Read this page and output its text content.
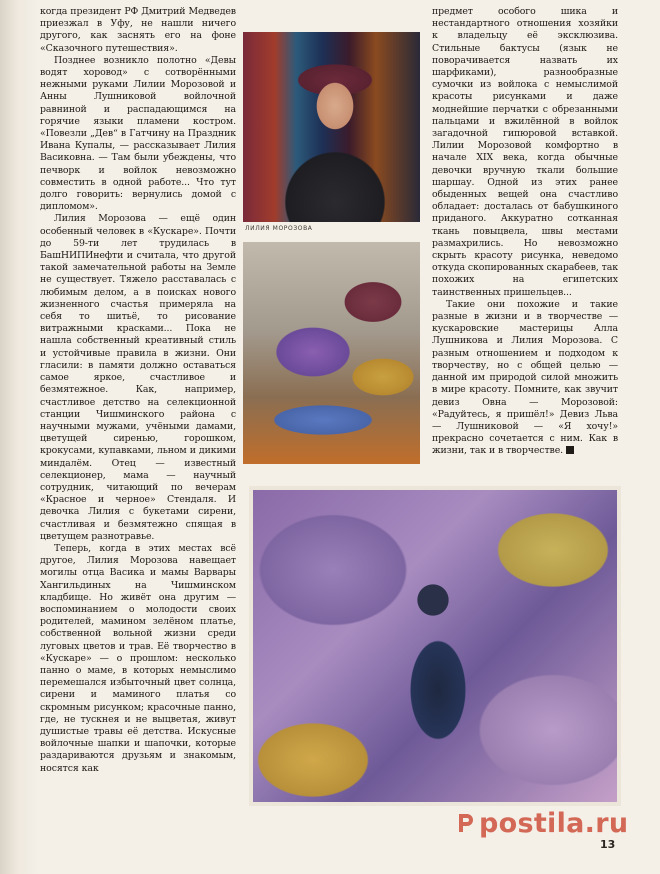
когда президент РФ Дмитрий Медведев приезжал в Уфу, не нашли ничего другого, как заснять его на фоне «Сказочного путешествия».

Позднее возникло полотно «Девы водят хоровод» с сотворёнными нежными руками Лилии Морозовой и Анны Лушниковой войлочной равниной и распадающимся на горячие языки пламени костром. «Повезли „Дев“ в Гатчину на Праздник Ивана Купалы, — рассказывает Лилия Васиковна. — Там были убеждены, что печворк и войлок невозможно совместить в одной работе... Что тут долго говорить: вернулись домой с дипломом».

Лилия Морозова — ещё один особенный человек в «Кускаре». Почти до 59-ти лет трудилась в БашНИПИнефти и считала, что другой такой замечательной работы на Земле не существует. Тяжело расставалась с любимым делом, а в поисках нового жизненного счастья примеряла на себя то шитьё, то рисование витражными красками... Пока не нашла собственный креативный стиль и устойчивые правила в жизни. Они гласили: в памяти должно оставаться самое яркое, счастливое и безмятежное. Как, например, счастливое детство на селекционной станции Чишминского района с научными мужами, учёными дамами, цветущей сиренью, горошком, крокусами, купавками, льном и дикими миндалём. Отец — известный селекционер, мама — научный сотрудник, читающий по вечерам «Красное и черное» Стендаля. И девочка Лилия с букетами сирени, счастливая и безмятежно спящая в цветущем разнотравье.

Теперь, когда в этих местах всё другое, Лилия Морозова навещает могилы отца Васика и мамы Варвары Хангильдиных на Чишминском кладбище. Но живёт она другим — воспоминанием о молодости своих родителей, мамином зелёном платье, собственной вольной жизни среди луговых цветов и трав. Её творчество в «Кускаре» — о прошлом: несколько панно о маме, в которых немыслимо перемешался избыточный цвет солнца, сирени и маминого платья со скромным рисунком; красочные панно, где, не тускнея и не выцветая, живут душистые травы её детства. Искусные войлочные шапки и шапочки, которые раздариваются друзьям и знакомым, носятся как

ЛИЛИЯ МОРОЗОВА

предмет особого шика и нестандартного отношения хозяйки к владельцу её эксклюзива. Стильные бактусы (язык не поворачивается назвать их шарфиками), разнообразные сумочки из войлока с немыслимой красоты рисунками и даже моднейшие перчатки с обрезанными пальцами и вжилённой в войлок загадочной гипюровой вставкой. Лилии Морозовой комфортно в начале XIX века, когда обычные девочки вручную ткали большие шаршау. Одной из этих ранее обыденных вещей она счастливо обладает: досталась от бабушкиного приданого. Аккуратно сотканная ткань повыцвела, швы местами размахрились. Но невозможно скрыть красоту рисунка, неведомо откуда скопированных скарабеев, так похожих на египетских таинственных пришельцев...

Такие они похожие и такие разные в жизни и в творчестве — кускаровские мастерицы Алла Лушникова и Лилия Морозова. С разным отношением и подходом к творчеству, но с общей целью — данной им природой силой множить в мире красоту. Помните, как звучит девиз Овна — Морозовой: «Радуйтесь, я пришёл!» Девиз Льва — Лушниковой — «Я хочу!» прекрасно сочетается с ним. Как в жизни, так и в творчестве.

postila.ru
13
